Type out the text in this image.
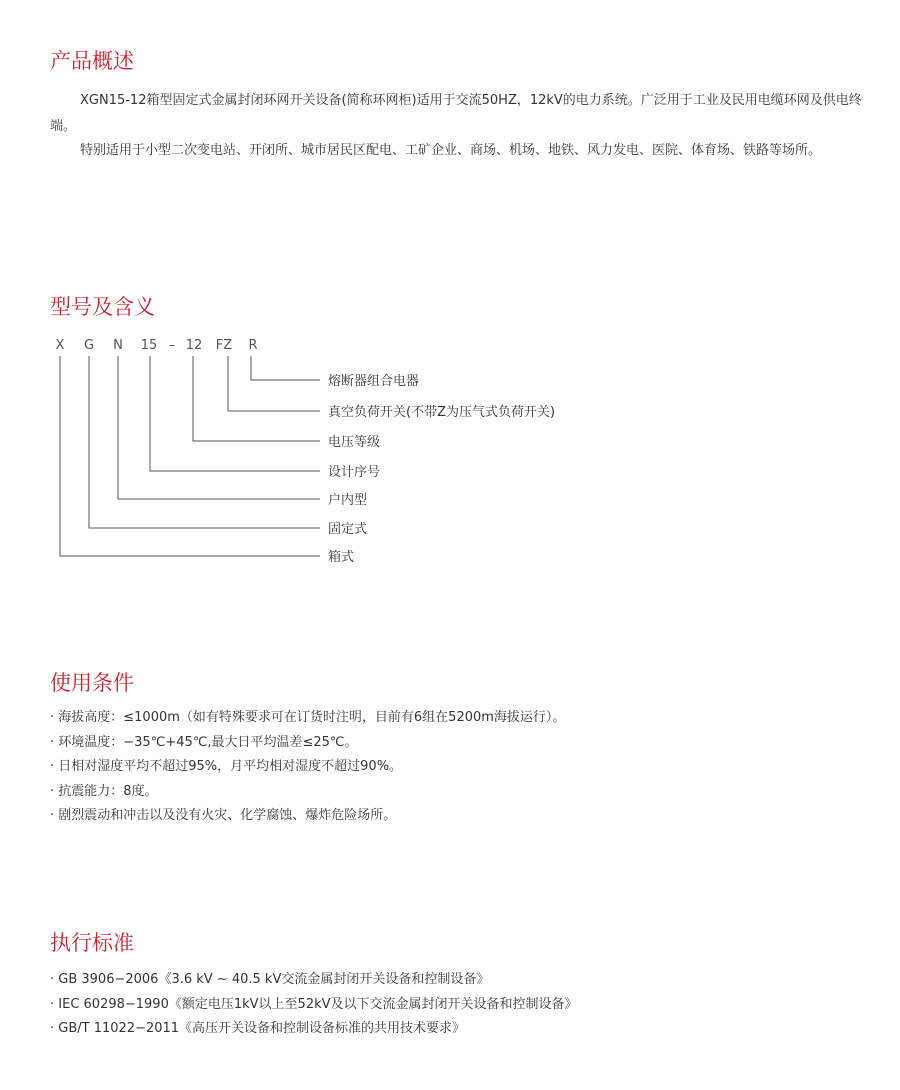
产品概述

XGN15-12箱型固定式金属封闭环网开关设备(简称环网柜)适用于交流50HZ，12kV的电力系统。广泛用于工业及民用电缆环网及供电终端。

特别适用于小型二次变电站、开闭所、城市居民区配电、工矿企业、商场、机场、地铁、风力发电、医院、体育场、铁路等场所。

型号及含义
X G N 15 – 12 FZ R
熔断器组合电器
真空负荷开关(不带Z为压气式负荷开关)
电压等级
设计序号
户内型
固定式
箱式
使用条件
· 海拔高度：≤1000m（如有特殊要求可在订货时注明，目前有6组在5200m海拔运行）。
· 环境温度：−35℃+45℃,最大日平均温差≤25℃。
· 日相对湿度平均不超过95%，月平均相对湿度不超过90%。
· 抗震能力：8度。
· 剧烈震动和冲击以及没有火灾、化学腐蚀、爆炸危险场所。
执行标准
· GB 3906−2006《3.6 kV ~ 40.5 kV交流金属封闭开关设备和控制设备》
· IEC 60298−1990《额定电压1kV以上至52kV及以下交流金属封闭开关设备和控制设备》
· GB/T 11022−2011《高压开关设备和控制设备标准的共用技术要求》
